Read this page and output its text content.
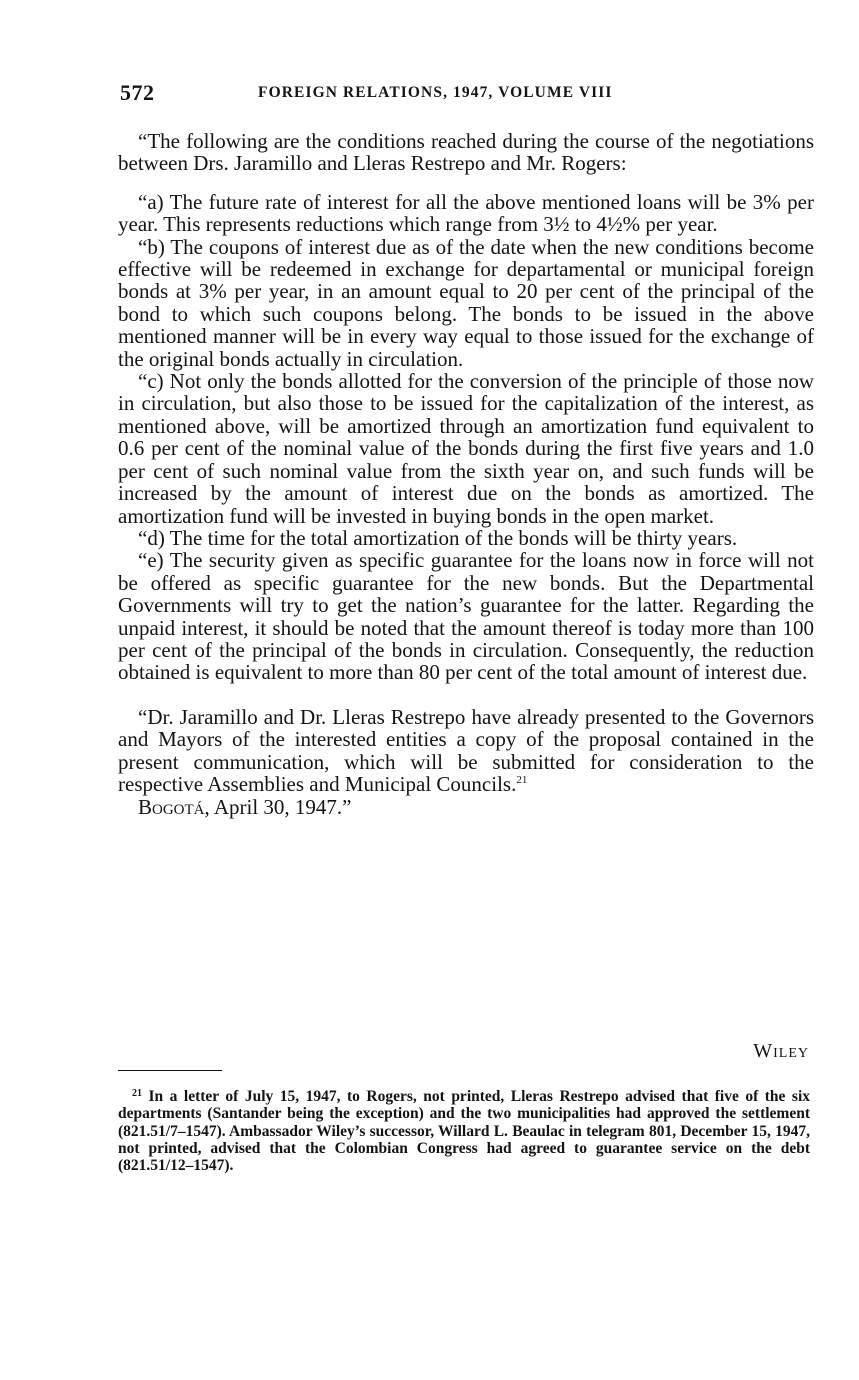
572	FOREIGN RELATIONS, 1947, VOLUME VIII

“The following are the conditions reached during the course of the negotiations between Drs. Jaramillo and Lleras Restrepo and Mr. Rogers:

“a) The future rate of interest for all the above mentioned loans will be 3% per year. This represents reductions which range from 3½ to 4½% per year.

“b) The coupons of interest due as of the date when the new conditions become effective will be redeemed in exchange for departamental or municipal foreign bonds at 3% per year, in an amount equal to 20 per cent of the principal of the bond to which such coupons belong. The bonds to be issued in the above mentioned manner will be in every way equal to those issued for the exchange of the original bonds actually in circulation.

“c) Not only the bonds allotted for the conversion of the principle of those now in circulation, but also those to be issued for the capitalization of the interest, as mentioned above, will be amortized through an amortization fund equivalent to 0.6 per cent of the nominal value of the bonds during the first five years and 1.0 per cent of such nominal value from the sixth year on, and such funds will be increased by the amount of interest due on the bonds as amortized. The amortization fund will be invested in buying bonds in the open market.

“d) The time for the total amortization of the bonds will be thirty years.

“e) The security given as specific guarantee for the loans now in force will not be offered as specific guarantee for the new bonds. But the Departmental Governments will try to get the nation’s guarantee for the latter. Regarding the unpaid interest, it should be noted that the amount thereof is today more than 100 per cent of the principal of the bonds in circulation. Consequently, the reduction obtained is equivalent to more than 80 per cent of the total amount of interest due.

“Dr. Jaramillo and Dr. Lleras Restrepo have already presented to the Governors and Mayors of the interested entities a copy of the proposal contained in the present communication, which will be submitted for consideration to the respective Assemblies and Municipal Councils.$^{21}$

Bogotá, April 30, 1947.”

Wiley

$^{21}$ In a letter of July 15, 1947, to Rogers, not printed, Lleras Restrepo advised that five of the six departments (Santander being the exception) and the two municipalities had approved the settlement (821.51/7–1547). Ambassador Wiley’s successor, Willard L. Beaulac in telegram 801, December 15, 1947, not printed, advised that the Colombian Congress had agreed to guarantee service on the debt (821.51/12–1547).
